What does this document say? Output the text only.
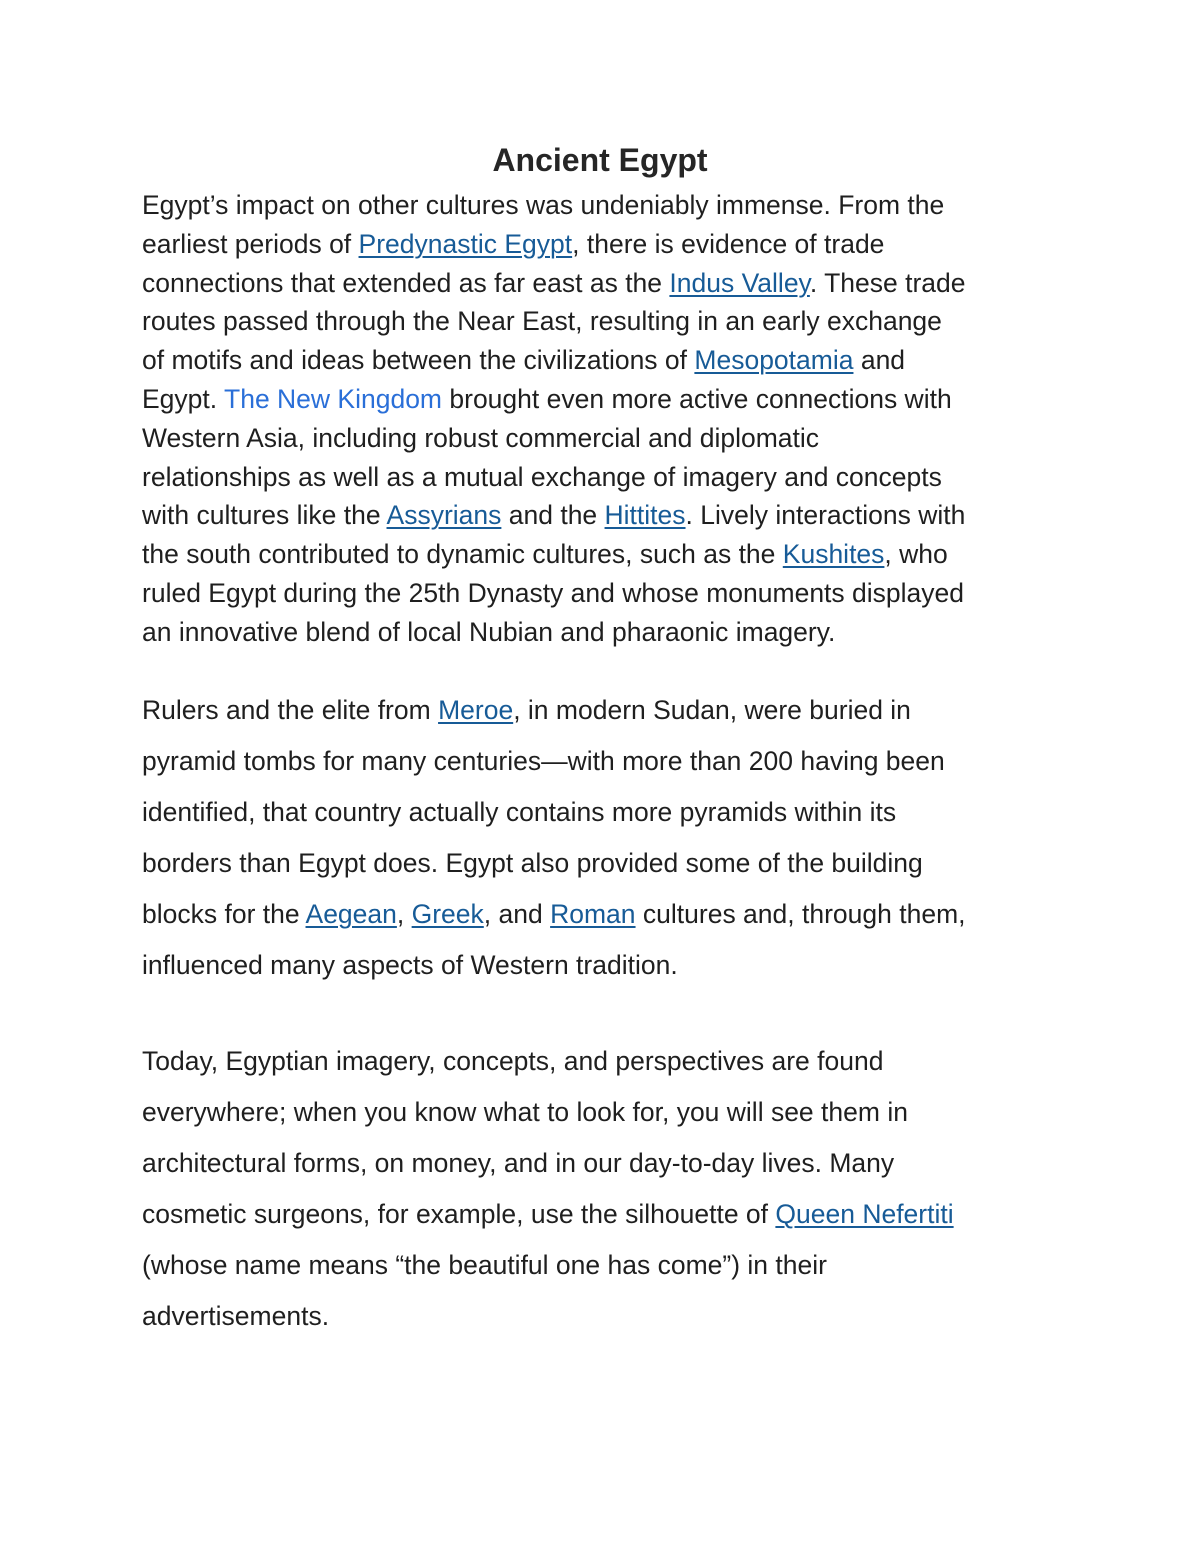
Ancient Egypt

Egypt’s impact on other cultures was undeniably immense. From the
earliest periods of Predynastic Egypt, there is evidence of trade
connections that extended as far east as the Indus Valley. These trade
routes passed through the Near East, resulting in an early exchange
of motifs and ideas between the civilizations of Mesopotamia and
Egypt. The New Kingdom brought even more active connections with
Western Asia, including robust commercial and diplomatic
relationships as well as a mutual exchange of imagery and concepts
with cultures like the Assyrians and the Hittites. Lively interactions with
the south contributed to dynamic cultures, such as the Kushites, who
ruled Egypt during the 25th Dynasty and whose monuments displayed
an innovative blend of local Nubian and pharaonic imagery.

Rulers and the elite from Meroe, in modern Sudan, were buried in
pyramid tombs for many centuries—with more than 200 having been
identified, that country actually contains more pyramids within its
borders than Egypt does. Egypt also provided some of the building
blocks for the Aegean, Greek, and Roman cultures and, through them,
influenced many aspects of Western tradition.

Today, Egyptian imagery, concepts, and perspectives are found
everywhere; when you know what to look for, you will see them in
architectural forms, on money, and in our day-to-day lives. Many
cosmetic surgeons, for example, use the silhouette of Queen Nefertiti
(whose name means “the beautiful one has come”) in their
advertisements.
